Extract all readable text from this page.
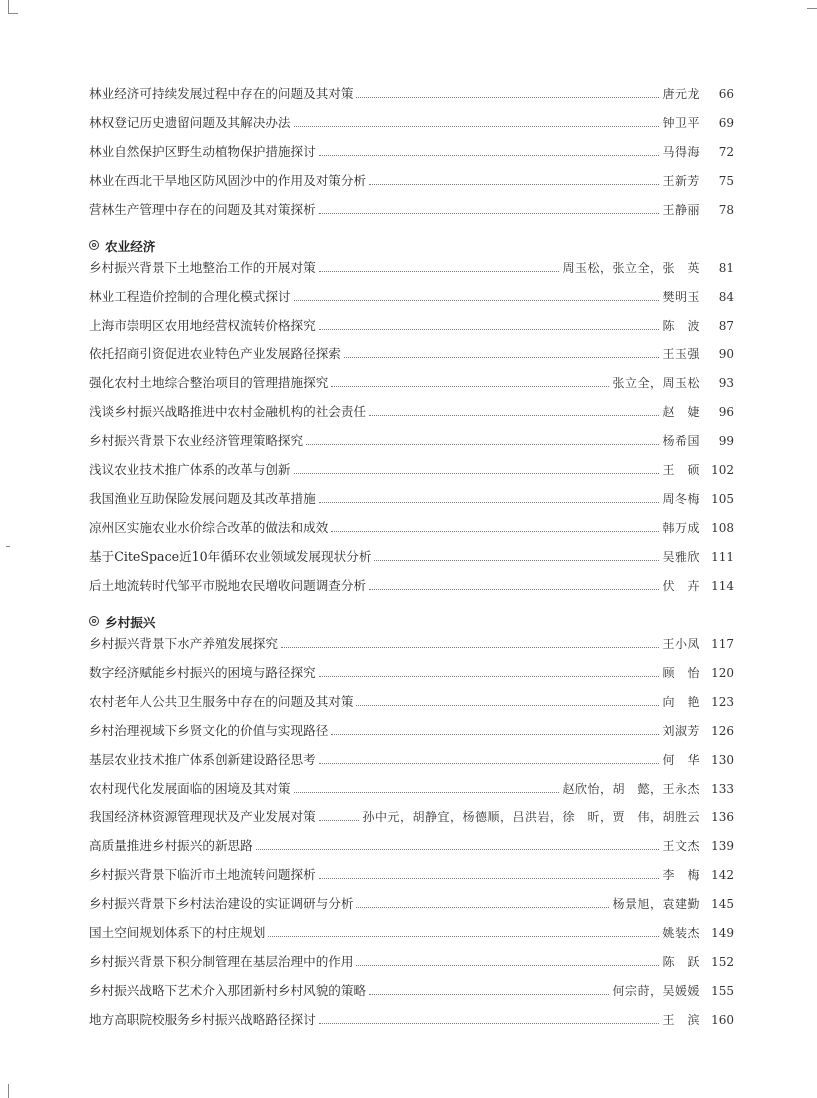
林业经济可持续发展过程中存在的问题及其对策	唐元龙	66
林权登记历史遗留问题及其解决办法	钟卫平	69
林业自然保护区野生动植物保护措施探讨	马得海	72
林业在西北干旱地区防风固沙中的作用及对策分析	王新芳	75
营林生产管理中存在的问题及其对策探析	王静丽	78
农业经济
乡村振兴背景下土地整治工作的开展对策	周玉松，张立全，张　英	81
林业工程造价控制的合理化模式探讨	樊明玉	84
上海市崇明区农用地经营权流转价格探究	陈　波	87
依托招商引资促进农业特色产业发展路径探索	王玉强	90
强化农村土地综合整治项目的管理措施探究	张立全，周玉松	93
浅谈乡村振兴战略推进中农村金融机构的社会责任	赵　婕	96
乡村振兴背景下农业经济管理策略探究	杨希国	99
浅议农业技术推广体系的改革与创新	王　硕 102
我国渔业互助保险发展问题及其改革措施	周冬梅 105
凉州区实施农业水价综合改革的做法和成效	韩万成 108
基于CiteSpace近10年循环农业领域发展现状分析	吴雅欣 111
后土地流转时代邹平市脱地农民增收问题调查分析	伏　卉 114
乡村振兴
乡村振兴背景下水产养殖发展探究	王小凤 117
数字经济赋能乡村振兴的困境与路径探究	顾　怡 120
农村老年人公共卫生服务中存在的问题及其对策	向　艳 123
乡村治理视域下乡贤文化的价值与实现路径	刘淑芳 126
基层农业技术推广体系创新建设路径思考	何　华 130
农村现代化发展面临的困境及其对策	赵欣怡，胡　懿，王永杰 133
我国经济林资源管理现状及产业发展对策	孙中元，胡静宜，杨德顺，吕洪岩，徐　昕，贾　伟，胡胜云 136
高质量推进乡村振兴的新思路	王文杰 139
乡村振兴背景下临沂市土地流转问题探析	李　梅 142
乡村振兴背景下乡村法治建设的实证调研与分析	杨景旭，袁建勤 145
国土空间规划体系下的村庄规划	姚装杰 149
乡村振兴背景下积分制管理在基层治理中的作用	陈　跃 152
乡村振兴战略下艺术介入那团新村乡村风貌的策略	何宗莳，吴媛媛 155
地方高职院校服务乡村振兴战略路径探讨	王　滨 160
